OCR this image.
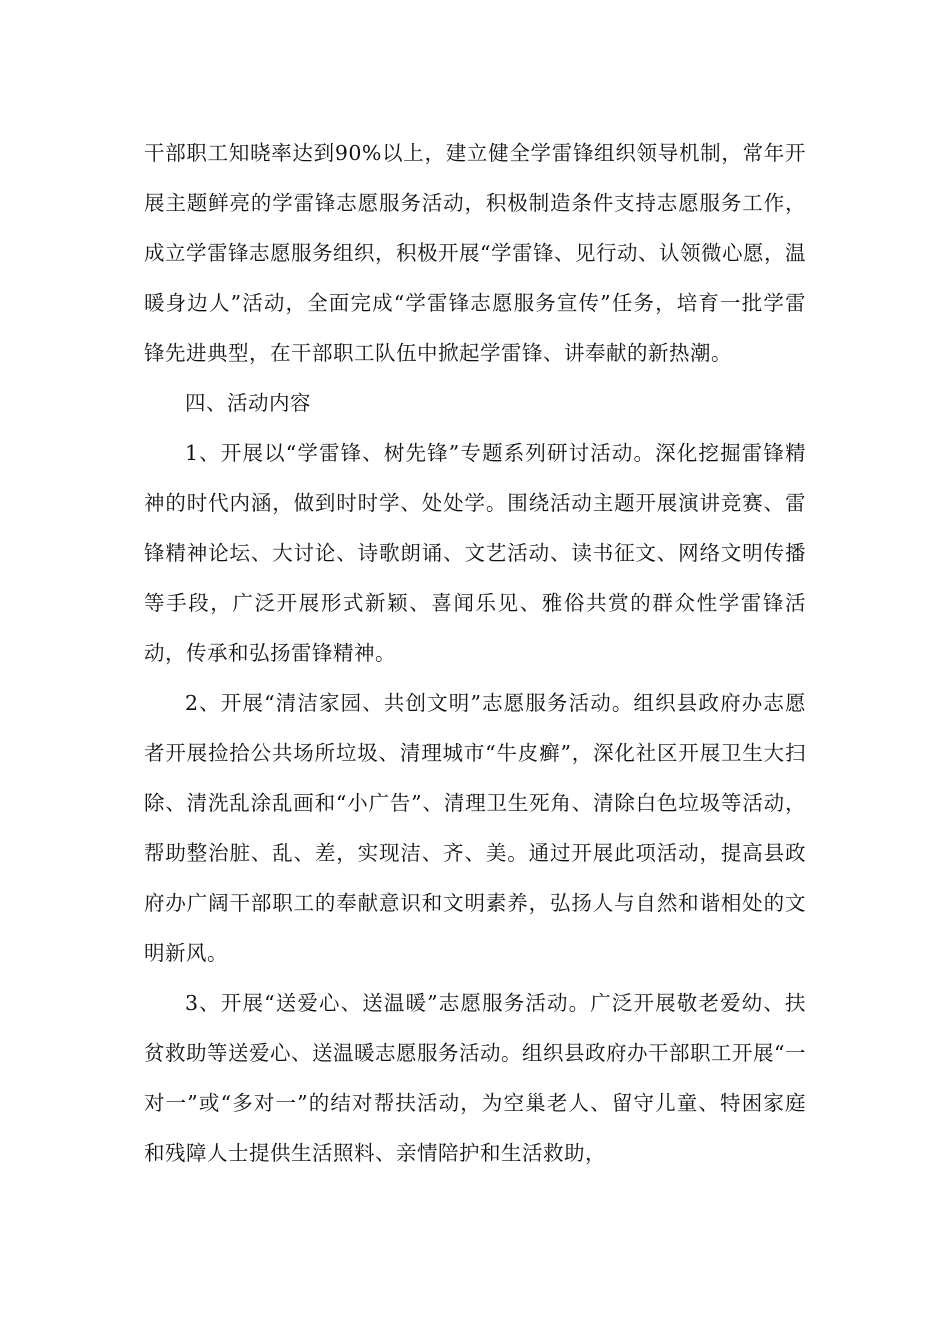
干部职工知晓率达到90%以上，建立健全学雷锋组织领导机制，常年开展主题鲜亮的学雷锋志愿服务活动，积极制造条件支持志愿服务工作，成立学雷锋志愿服务组织，积极开展“学雷锋、见行动、认领微心愿，温暖身边人”活动，全面完成“学雷锋志愿服务宣传”任务，培育一批学雷锋先进典型，在干部职工队伍中掀起学雷锋、讲奉献的新热潮。

四、活动内容

1、开展以“学雷锋、树先锋”专题系列研讨活动。深化挖掘雷锋精神的时代内涵，做到时时学、处处学。围绕活动主题开展演讲竞赛、雷锋精神论坛、大讨论、诗歌朗诵、文艺活动、读书征文、网络文明传播等手段，广泛开展形式新颖、喜闻乐见、雅俗共赏的群众性学雷锋活动，传承和弘扬雷锋精神。

2、开展“清洁家园、共创文明”志愿服务活动。组织县政府办志愿者开展捡拾公共场所垃圾、清理城市“牛皮癣”，深化社区开展卫生大扫除、清洗乱涂乱画和“小广告”、清理卫生死角、清除白色垃圾等活动，帮助整治脏、乱、差，实现洁、齐、美。通过开展此项活动，提高县政府办广阔干部职工的奉献意识和文明素养，弘扬人与自然和谐相处的文明新风。

3、开展“送爱心、送温暖”志愿服务活动。广泛开展敬老爱幼、扶贫救助等送爱心、送温暖志愿服务活动。组织县政府办干部职工开展“一对一”或“多对一”的结对帮扶活动，为空巢老人、留守儿童、特困家庭和残障人士提供生活照料、亲情陪护和生活救助，
